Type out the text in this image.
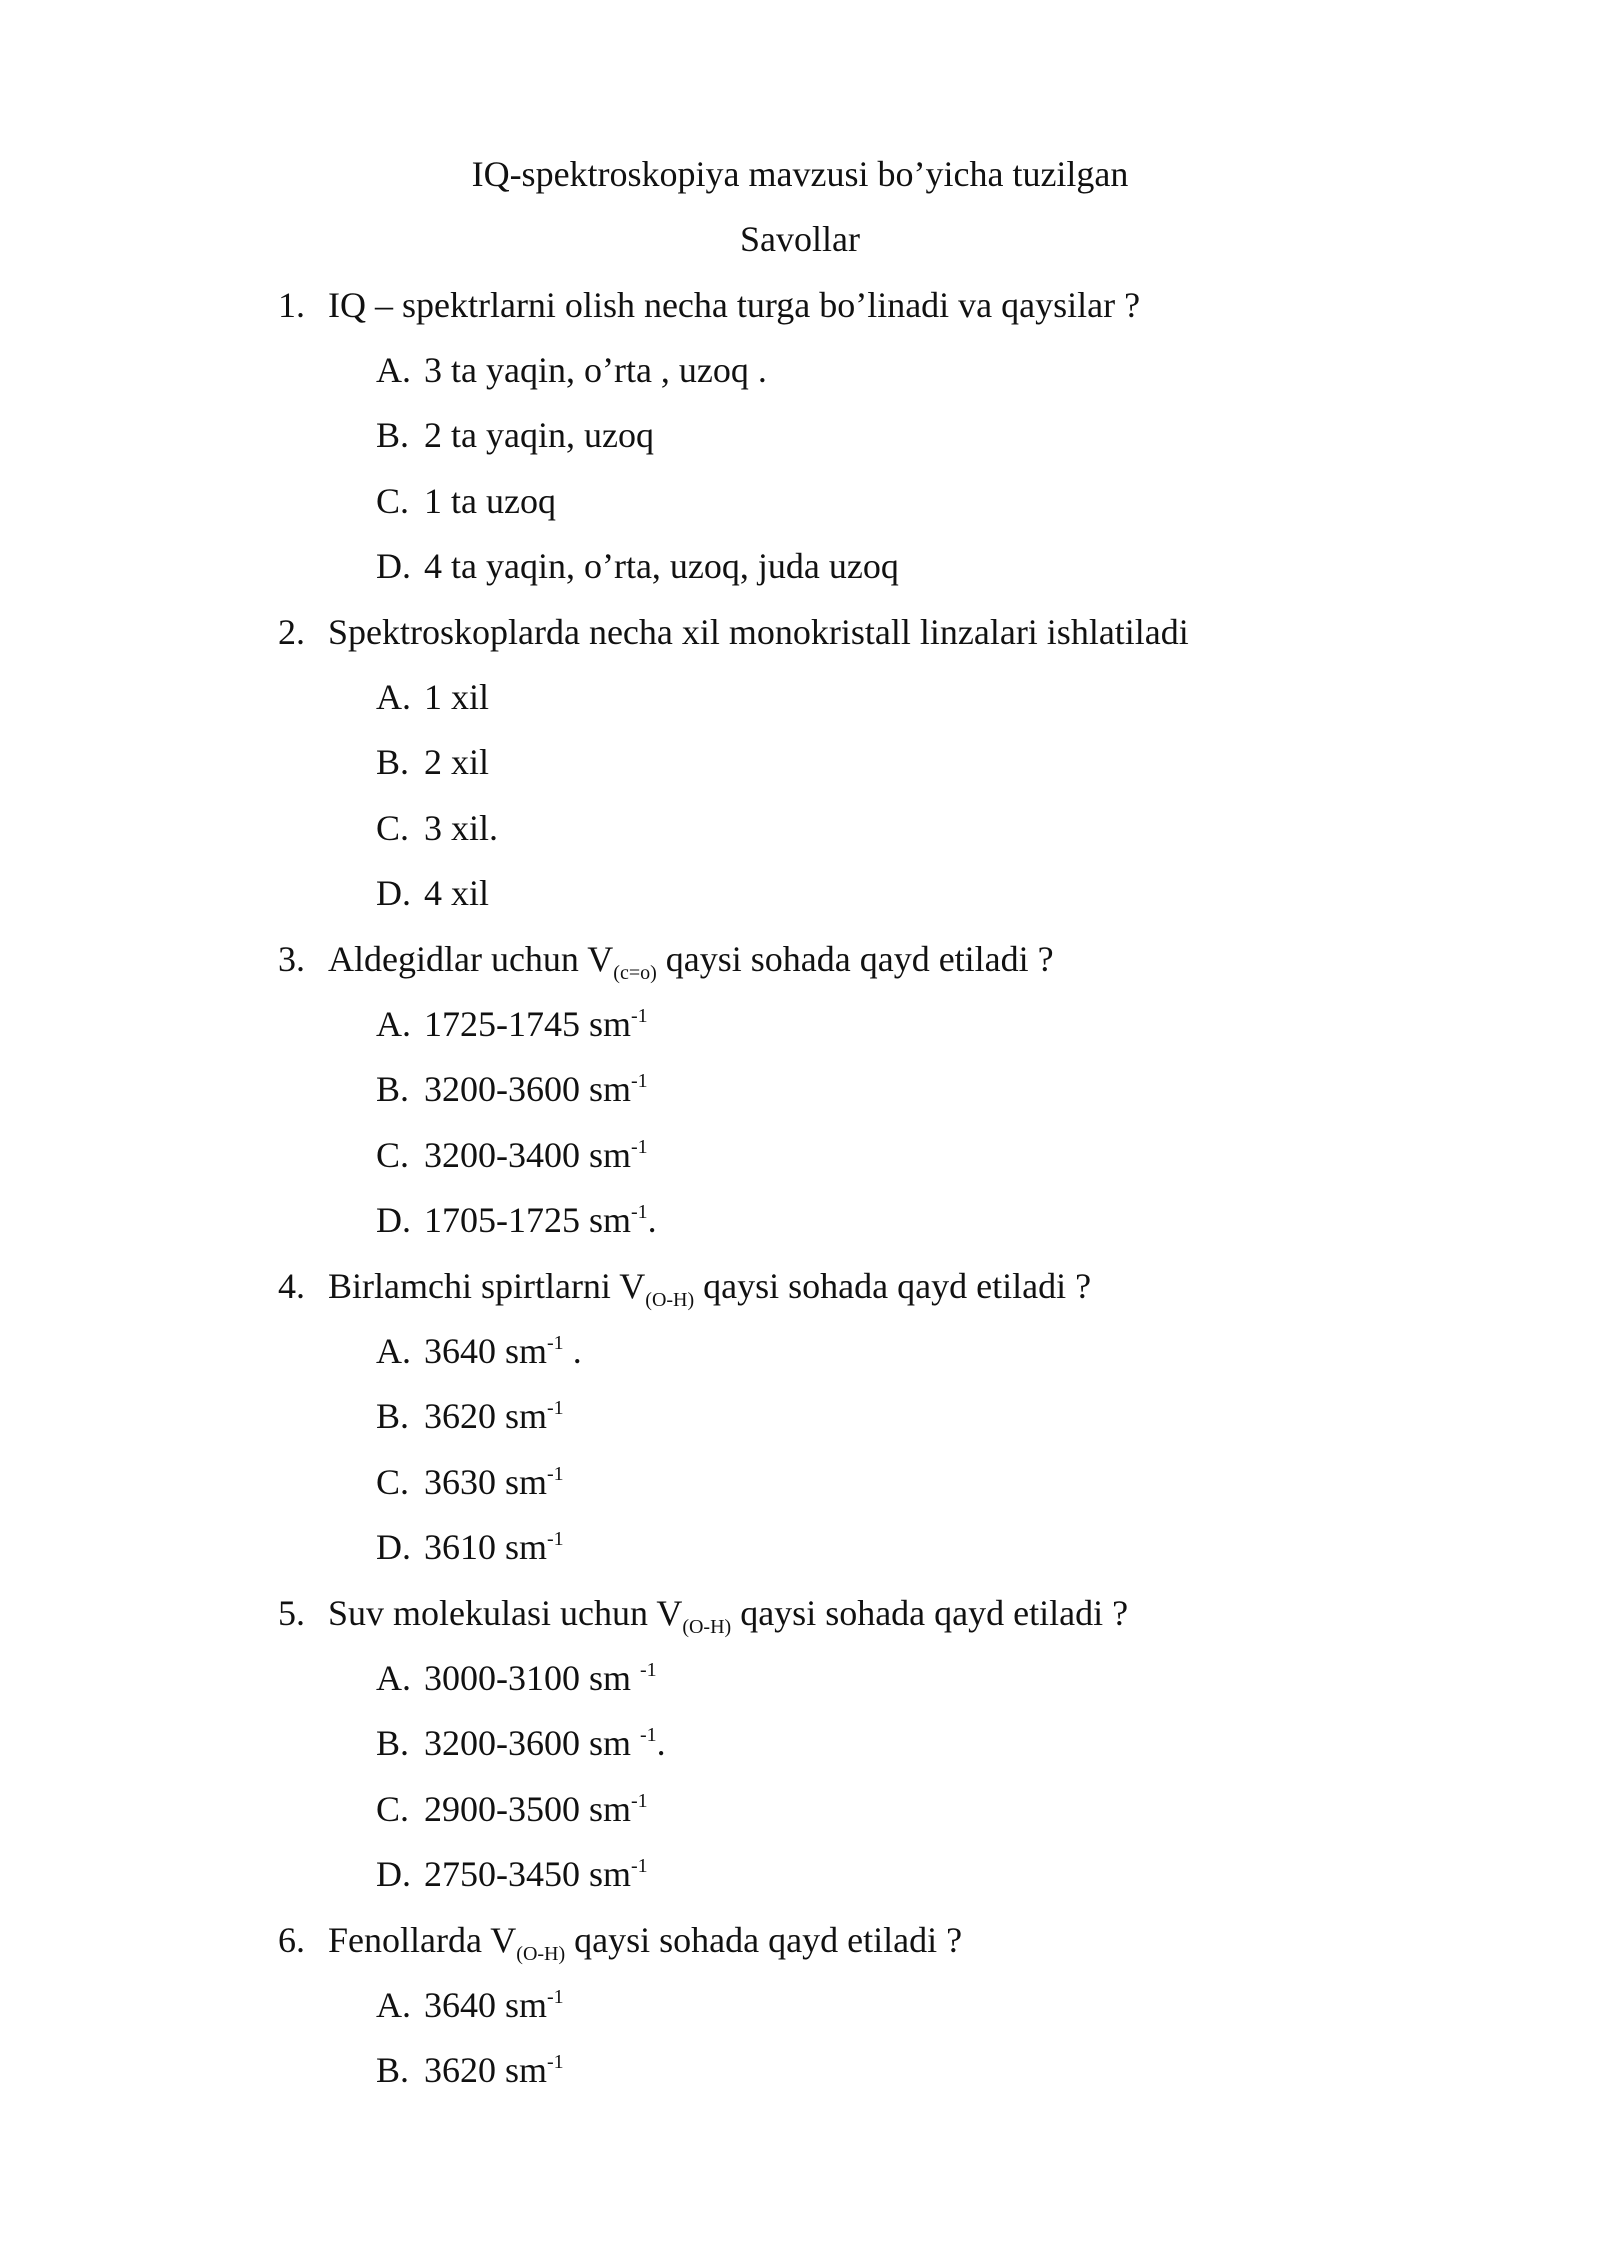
IQ-spektroskopiya mavzusi bo’yicha tuzilgan
Savollar
1. IQ – spektrlarni olish necha turga bo’linadi va qaysilar ?
A. 3 ta yaqin, o’rta , uzoq .
B. 2 ta yaqin, uzoq
C. 1 ta uzoq
D. 4 ta yaqin, o’rta, uzoq, juda uzoq
2. Spektroskoplarda necha xil monokristall linzalari ishlatiladi
A. 1 xil
B. 2 xil
C. 3 xil.
D. 4 xil
3. Aldegidlar uchun $V_{(c=o)}$ qaysi sohada qayd etiladi ?
A. 1725-1745 $sm^{-1}$
B. 3200-3600 $sm^{-1}$
C. 3200-3400 $sm^{-1}$
D. 1705-1725 $sm^{-1}$.
4. Birlamchi spirtlarni $V_{(O-H)}$ qaysi sohada qayd etiladi ?
A. 3640 $sm^{-1}$ .
B. 3620 $sm^{-1}$
C. 3630 $sm^{-1}$
D. 3610 $sm^{-1}$
5. Suv molekulasi uchun $V_{(O-H)}$ qaysi sohada qayd etiladi ?
A. 3000-3100 sm $^{-1}$
B. 3200-3600 sm $^{-1}$.
C. 2900-3500 $sm^{-1}$
D. 2750-3450 $sm^{-1}$
6. Fenollarda $V_{(O-H)}$ qaysi sohada qayd etiladi ?
A. 3640 $sm^{-1}$
B. 3620 $sm^{-1}$
